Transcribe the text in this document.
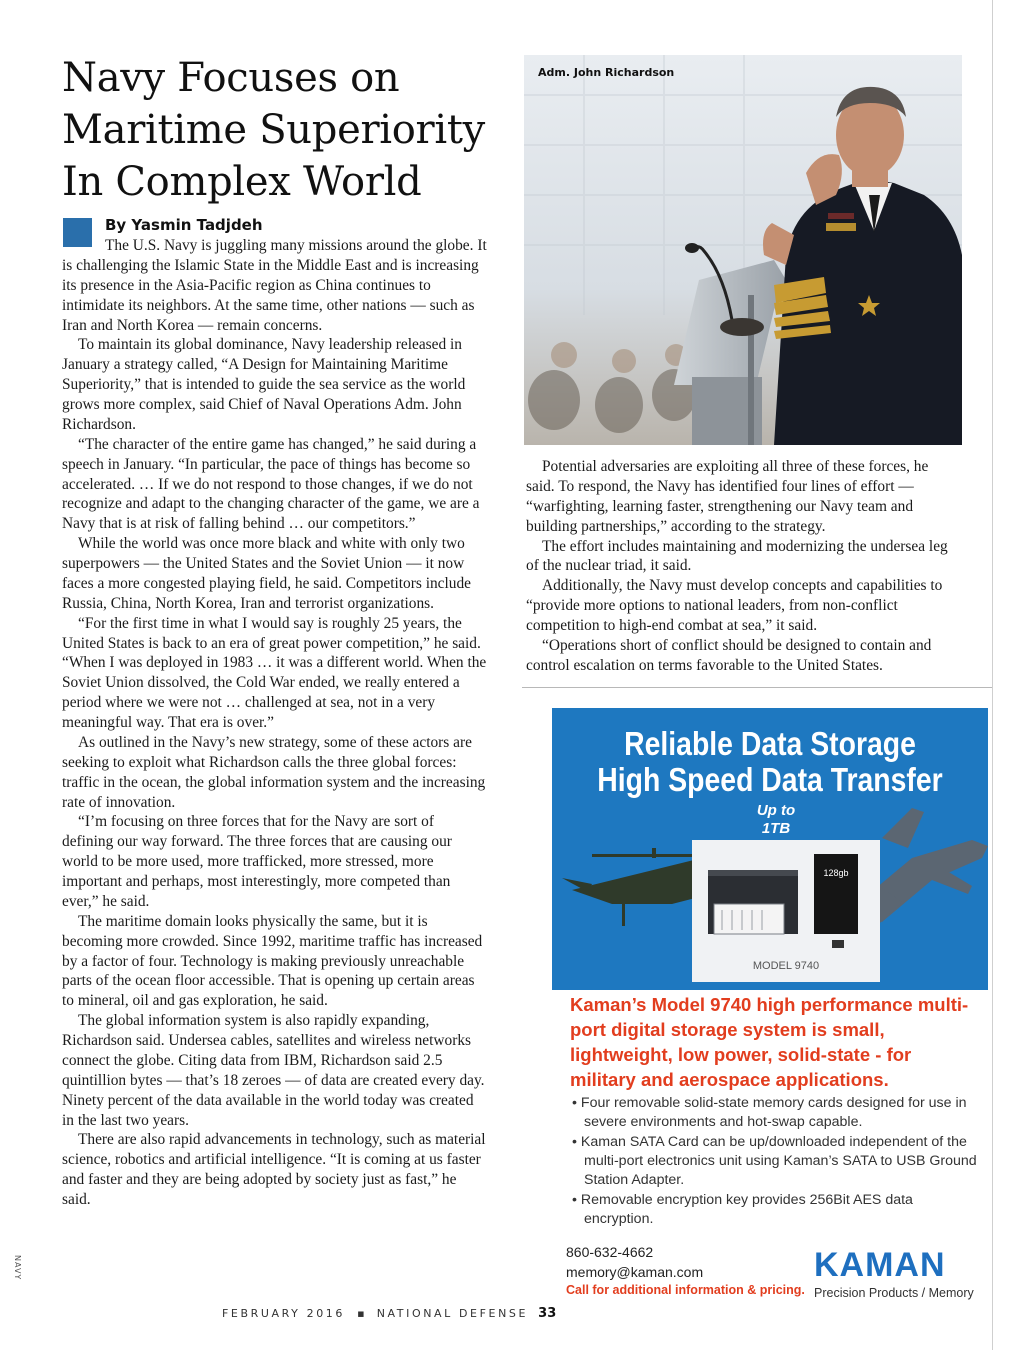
Navy Focuses on
Maritime Superiority
In Complex World
By Yasmin Tadjdeh

The U.S. Navy is juggling many missions around the globe. It is challenging the Islamic State in the Middle East and is increasing its presence in the Asia-Pacific region as China continues to intimidate its neighbors. At the same time, other nations — such as Iran and North Korea — remain concerns.

To maintain its global dominance, Navy leadership released in January a strategy called, “A Design for Maintaining Maritime Superiority,” that is intended to guide the sea service as the world grows more complex, said Chief of Naval Operations Adm. John Richardson.

“The character of the entire game has changed,” he said during a speech in January. “In particular, the pace of things has become so accelerated. … If we do not respond to those changes, if we do not recognize and adapt to the changing character of the game, we are a Navy that is at risk of falling behind … our competitors.”

While the world was once more black and white with only two superpowers — the United States and the Soviet Union — it now faces a more congested playing field, he said. Competitors include Russia, China, North Korea, Iran and terrorist organizations.

“For the first time in what I would say is roughly 25 years, the United States is back to an era of great power competition,” he said. “When I was deployed in 1983 … it was a different world. When the Soviet Union dissolved, the Cold War ended, we really entered a period where we were not … challenged at sea, not in a very meaningful way. That era is over.”

As outlined in the Navy’s new strategy, some of these actors are seeking to exploit what Richardson calls the three global forces: traffic in the ocean, the global information system and the increasing rate of innovation.

“I’m focusing on three forces that for the Navy are sort of defining our way forward. The three forces that are causing our world to be more used, more trafficked, more stressed, more important and perhaps, most interestingly, more competed than ever,” he said.

The maritime domain looks physically the same, but it is becoming more crowded. Since 1992, maritime traffic has increased by a factor of four. Technology is making previously unreachable parts of the ocean floor accessible. That is opening up certain areas to mineral, oil and gas exploration, he said.

The global information system is also rapidly expanding, Richardson said. Undersea cables, satellites and wireless networks connect the globe. Citing data from IBM, Richardson said 2.5 quintillion bytes — that’s 18 zeroes — of data are created every day. Ninety percent of the data available in the world today was created in the last two years.

There are also rapid advancements in technology, such as material science, robotics and artificial intelligence. “It is coming at us faster and faster and they are being adopted by society just as fast,” he said.

Adm. John Richardson

Potential adversaries are exploiting all three of these forces, he said. To respond, the Navy has identified four lines of effort — “warfighting, learning faster, strengthening our Navy team and building partnerships,” according to the strategy.

The effort includes maintaining and modernizing the undersea leg of the nuclear triad, it said.

Additionally, the Navy must develop concepts and capabilities to “provide more options to national leaders, from non-conflict competition to high-end combat at sea,” it said.

“Operations short of conflict should be designed to contain and control escalation on terms favorable to the United States.

Reliable Data Storage
High Speed Data Transfer
Up to
1TB
128gb
MODEL 9740
Kaman’s Model 9740 high performance multi-port digital storage system is small, lightweight, low power, solid-state - for military and aerospace applications.
• Four removable solid-state memory cards designed for use in severe environments and hot-swap capable.
• Kaman SATA Card can be up/downloaded independent of the multi-port electronics unit using Kaman’s SATA to USB Ground Station Adapter.
• Removable encryption key provides 256Bit AES data encryption.
860-632-4662
memory@kaman.com
Call for additional information & pricing.
KAMAN
Precision Products / Memory
FEBRUARY 2016 ▪ NATIONAL DEFENSE 33
NAVY
